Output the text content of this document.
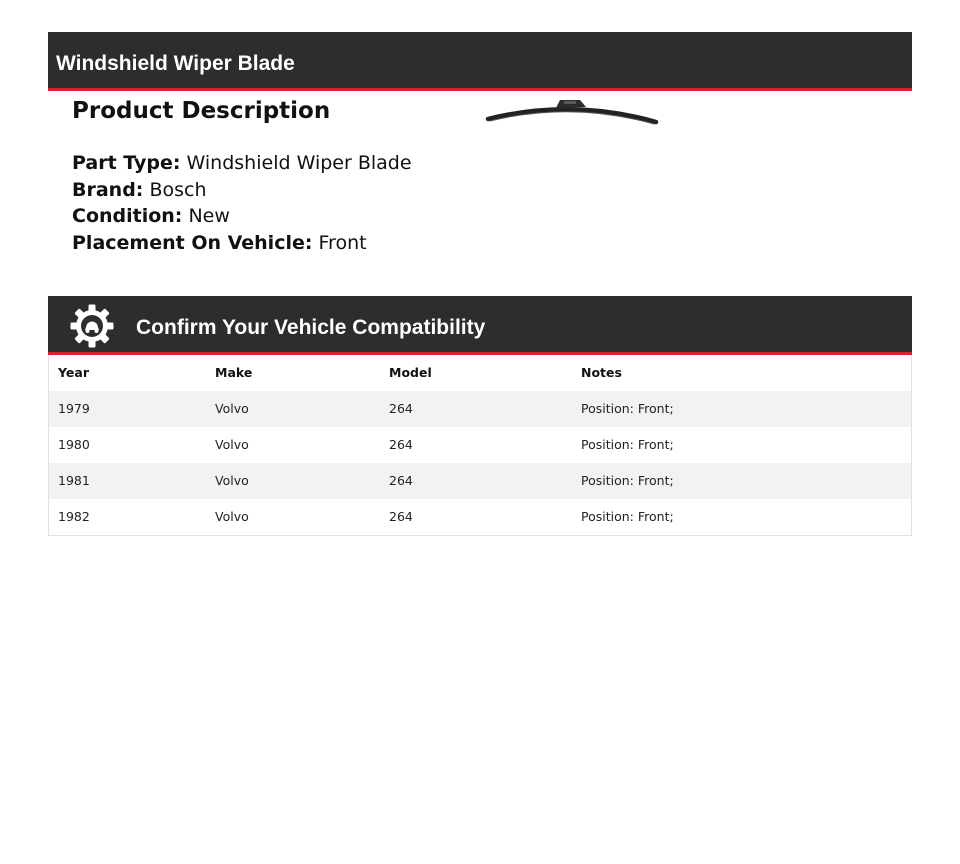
Windshield Wiper Blade
Product Description
Part Type: Windshield Wiper Blade
Brand: Bosch
Condition: New
Placement On Vehicle: Front
Confirm Your Vehicle Compatibility
Year	Make	Model	Notes
1979	Volvo	264	Position: Front;
1980	Volvo	264	Position: Front;
1981	Volvo	264	Position: Front;
1982	Volvo	264	Position: Front;
